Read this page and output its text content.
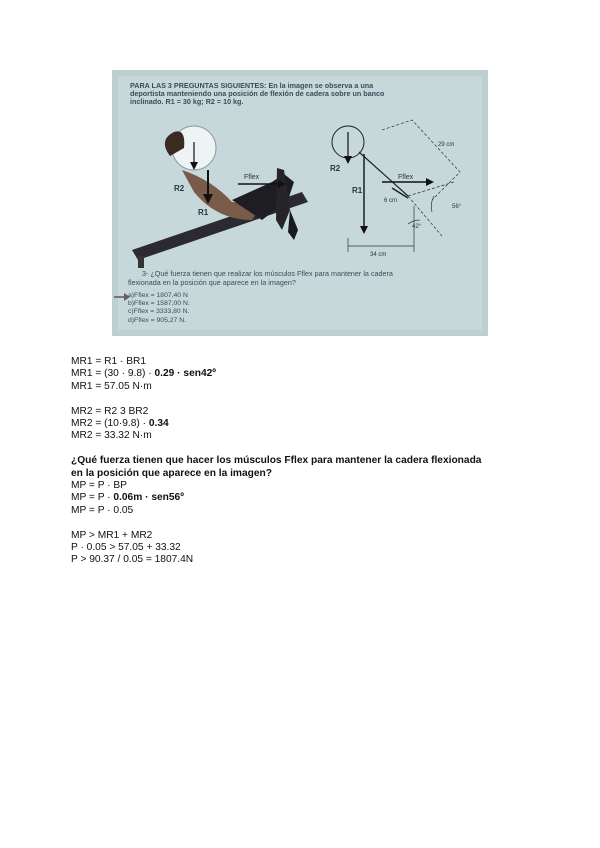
PARA LAS 3 PREGUNTAS SIGUIENTES: En la imagen se observa a una
deportista manteniendo una posición de flexión de cadera sobre un banco
inclinado. R1 = 30 kg; R2 = 10 kg.
R2
R1
Fflex
R2
R1
Fflex
29 cm
6 cm
34 cm
56°
42°
3- ¿Qué fuerza tienen que realizar los músculos Fflex para mantener la cadera
flexionada en la posición que aparece en la imagen?
a)Fflex = 1807,40 N
b)Fflex = 1587,00 N.
c)Fflex = 3333,80 N.
d)Fflex = 905,27 N.
MR1 = R1 · BR1
MR1 = (30 · 9.8) · 0.29 · sen42º
MR1 = 57.05 N·m
MR2 = R2 3 BR2
MR2 = (10·9.8) · 0.34
MR2 = 33.32 N·m
¿Qué fuerza tienen que hacer los músculos Fflex para mantener la cadera flexionada
en la posición que aparece en la imagen?
MP = P · BP
MP = P · 0.06m · sen56º
MP = P · 0.05
MP > MR1 + MR2
P · 0.05 > 57.05 + 33.32
P > 90.37 / 0.05 = 1807.4N
